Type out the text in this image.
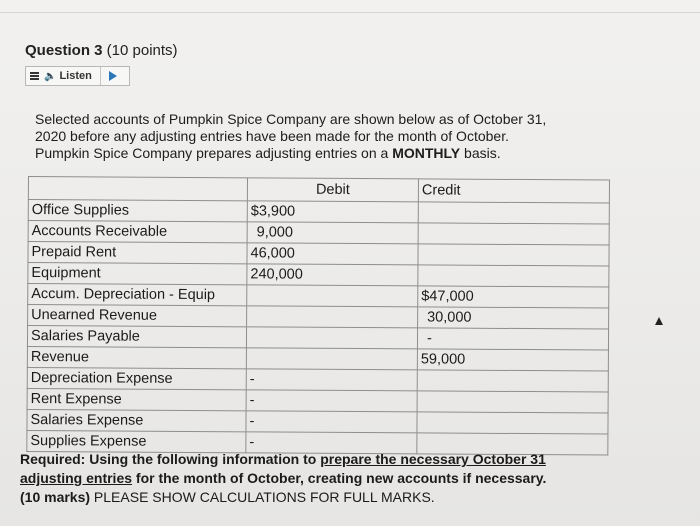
Question 3 (10 points)
🔈 Listen
Selected accounts of Pumpkin Spice Company are shown below as of October 31,
2020 before any adjusting entries have been made for the month of October.
Pumpkin Spice Company prepares adjusting entries on a MONTHLY basis.
	Debit	Credit
Office Supplies	$3,900	
Accounts Receivable	9,000	
Prepaid Rent	46,000	
Equipment	240,000	
Accum. Depreciation - Equip		$47,000
Unearned Revenue		30,000
Salaries Payable		-
Revenue		59,000
Depreciation Expense	-	
Rent Expense	-	
Salaries Expense	-	
Supplies Expense	-	
Required: Using the following information to prepare the necessary October 31
adjusting entries for the month of October, creating new accounts if necessary.
(10 marks) PLEASE SHOW CALCULATIONS FOR FULL MARKS.
